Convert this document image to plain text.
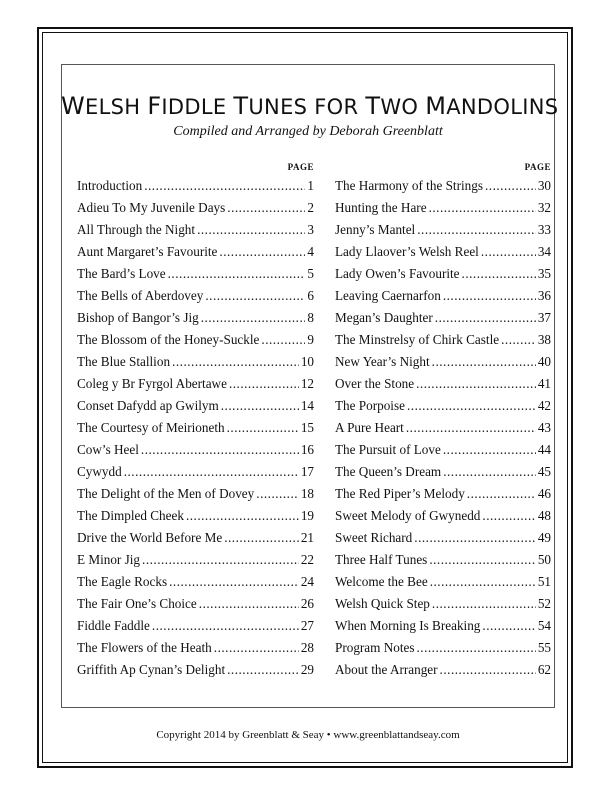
WELSH FIDDLE TUNES FOR TWO MANDOLINS
Compiled and Arranged by Deborah Greenblatt
PAGE
Introduction .....	1
Adieu To My Juvenile Days .....	2
All Through the Night .....	3
Aunt Margaret’s Favourite .....	4
The Bard’s Love .....	5
The Bells of Aberdovey .....	6
Bishop of Bangor’s Jig .....	8
The Blossom of the Honey-Suckle .....	9
The Blue Stallion .....	10
Coleg y Br Fyrgol Abertawe .....	12
Conset Dafydd ap Gwilym .....	14
The Courtesy of Meirioneth .....	15
Cow’s Heel .....	16
Cywydd .....	17
The Delight of the Men of Dovey .....	18
The Dimpled Cheek .....	19
Drive the World Before Me .....	21
E Minor Jig .....	22
The Eagle Rocks .....	24
The Fair One’s Choice .....	26
Fiddle Faddle .....	27
The Flowers of the Heath .....	28
Griffith Ap Cynan’s Delight .....	29
PAGE
The Harmony of the Strings .....	30
Hunting the Hare .....	32
Jenny’s Mantel .....	33
Lady Llaover’s Welsh Reel .....	34
Lady Owen’s Favourite .....	35
Leaving Caernarfon .....	36
Megan’s Daughter .....	37
The Minstrelsy of Chirk Castle .....	38
New Year’s Night .....	40
Over the Stone .....	41
The Porpoise .....	42
A Pure Heart .....	43
The Pursuit of Love .....	44
The Queen’s Dream .....	45
The Red Piper’s Melody .....	46
Sweet Melody of Gwynedd .....	48
Sweet Richard .....	49
Three Half Tunes .....	50
Welcome the Bee .....	51
Welsh Quick Step .....	52
When Morning Is Breaking .....	54
Program Notes .....	55
About the Arranger .....	62
Copyright 2014 by Greenblatt & Seay • www.greenblattandseay.com
